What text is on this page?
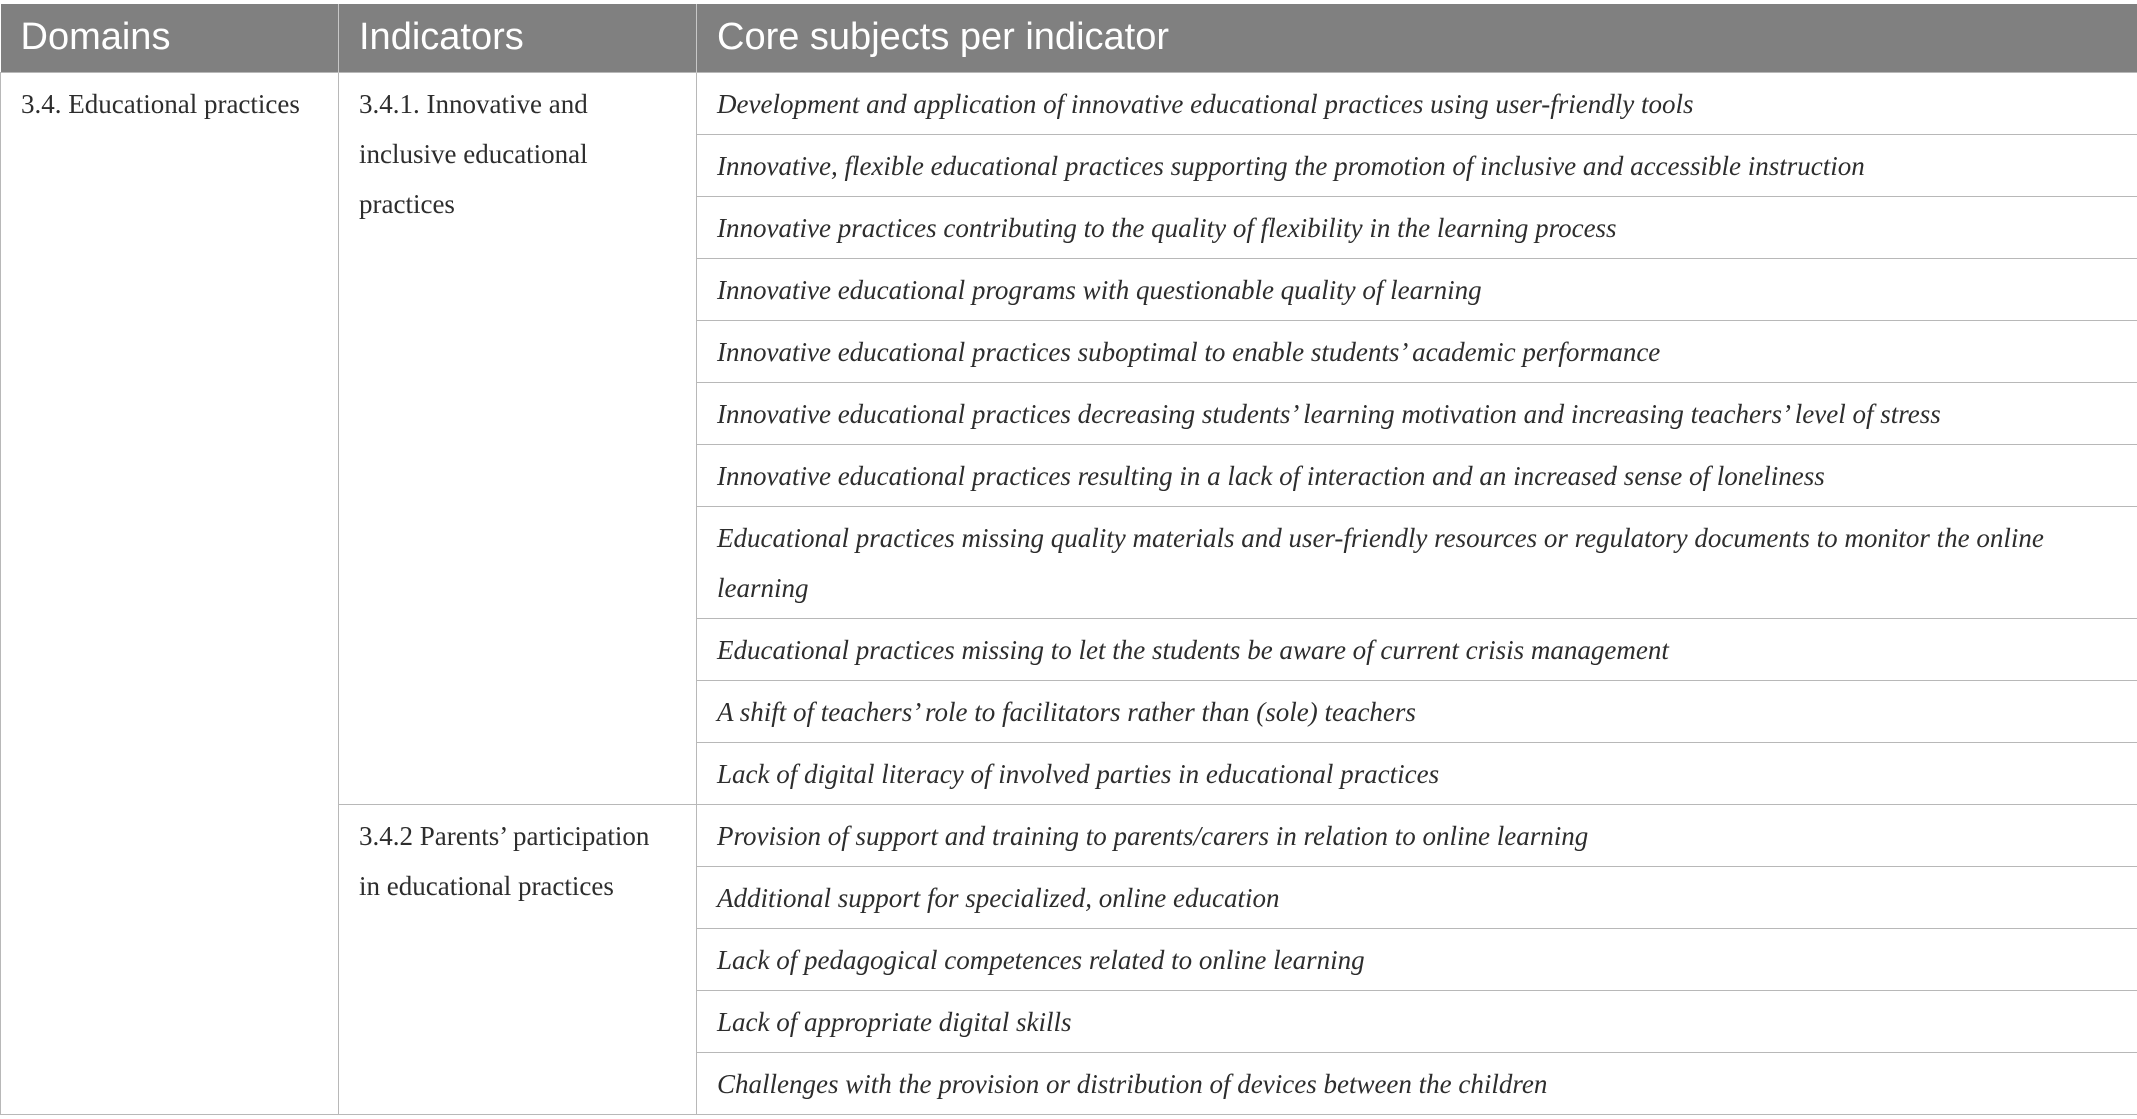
Domains	Indicators	Core subjects per indicator
3.4. Educational practices	3.4.1. Innovative and inclusive educational practices	Development and application of innovative educational practices using user-friendly tools
		Innovative, flexible educational practices supporting the promotion of inclusive and accessible instruction
		Innovative practices contributing to the quality of flexibility in the learning process
		Innovative educational programs with questionable quality of learning
		Innovative educational practices suboptimal to enable students’ academic performance
		Innovative educational practices decreasing students’ learning motivation and increasing teachers’ level of stress
		Innovative educational practices resulting in a lack of interaction and an increased sense of loneliness
		Educational practices missing quality materials and user-friendly resources or regulatory documents to monitor the online learning
		Educational practices missing to let the students be aware of current crisis management
		A shift of teachers’ role to facilitators rather than (sole) teachers
		Lack of digital literacy of involved parties in educational practices
	3.4.2 Parents’ participation in educational practices	Provision of support and training to parents/carers in relation to online learning
		Additional support for specialized, online education
		Lack of pedagogical competences related to online learning
		Lack of appropriate digital skills
		Challenges with the provision or distribution of devices between the children
